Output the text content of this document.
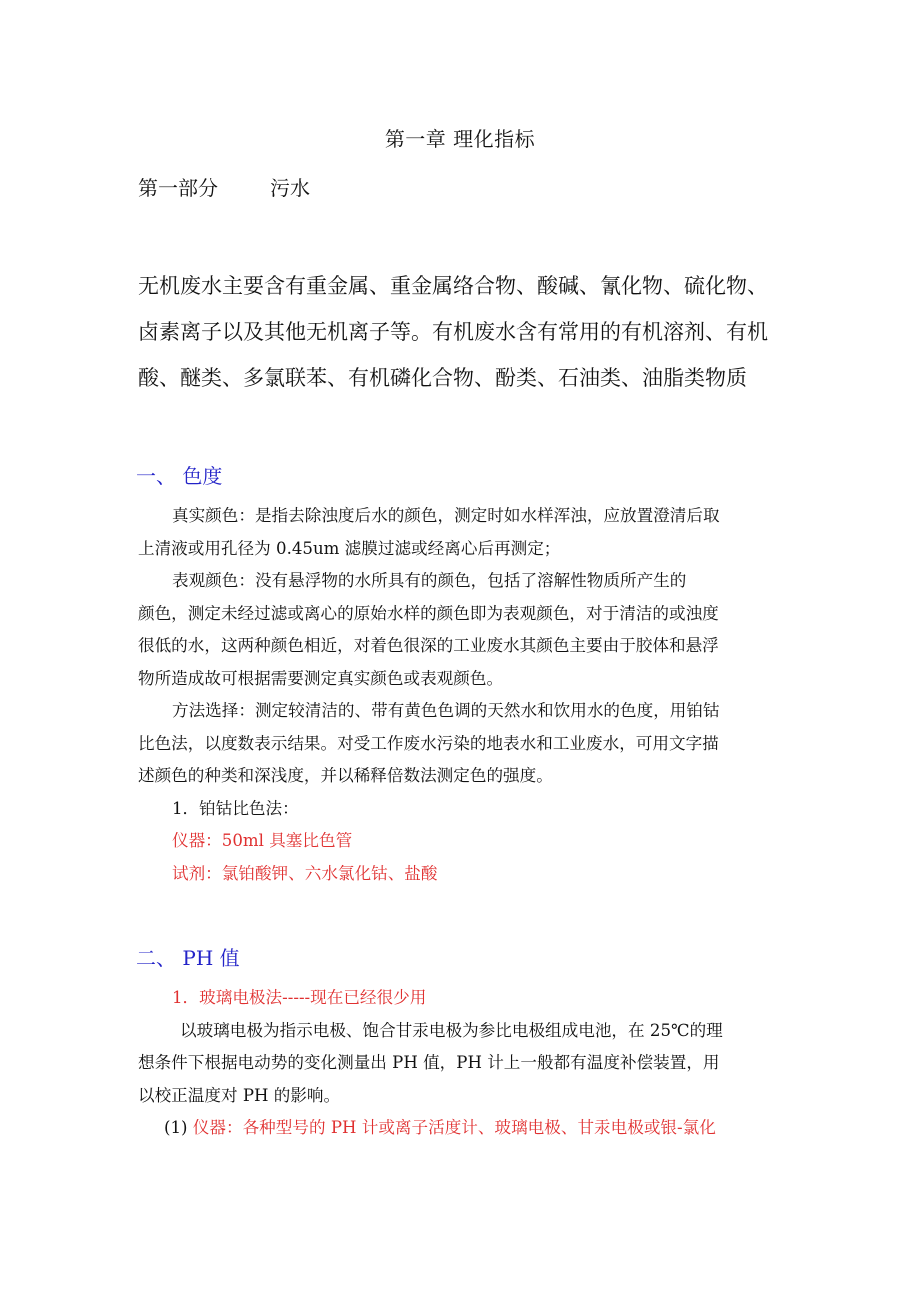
第一章 理化指标
第一部分	污水
无机废水主要含有重金属、重金属络合物、酸碱、氰化物、硫化物、
卤素离子以及其他无机离子等。有机废水含有常用的有机溶剂、有机
酸、醚类、多氯联苯、有机磷化合物、酚类、石油类、油脂类物质
一、 色度
真实颜色：是指去除浊度后水的颜色，测定时如水样浑浊，应放置澄清后取
上清液或用孔径为 0.45um 滤膜过滤或经离心后再测定；
表观颜色：没有悬浮物的水所具有的颜色，包括了溶解性物质所产生的
颜色，测定未经过滤或离心的原始水样的颜色即为表观颜色，对于清洁的或浊度
很低的水，这两种颜色相近，对着色很深的工业废水其颜色主要由于胶体和悬浮
物所造成故可根据需要测定真实颜色或表观颜色。
方法选择：测定较清洁的、带有黄色色调的天然水和饮用水的色度，用铂钴
比色法，以度数表示结果。对受工作废水污染的地表水和工业废水，可用文字描
述颜色的种类和深浅度，并以稀释倍数法测定色的强度。
1．铂钴比色法：
仪器：50ml 具塞比色管
试剂：氯铂酸钾、六水氯化钴、盐酸
二、 PH 值
1．玻璃电极法-----现在已经很少用
以玻璃电极为指示电极、饱合甘汞电极为参比电极组成电池，在 25℃的理
想条件下根据电动势的变化测量出 PH 值，PH 计上一般都有温度补偿装置，用
以校正温度对 PH 的影响。
(1) 仪器：各种型号的 PH 计或离子活度计、玻璃电极、甘汞电极或银-氯化
